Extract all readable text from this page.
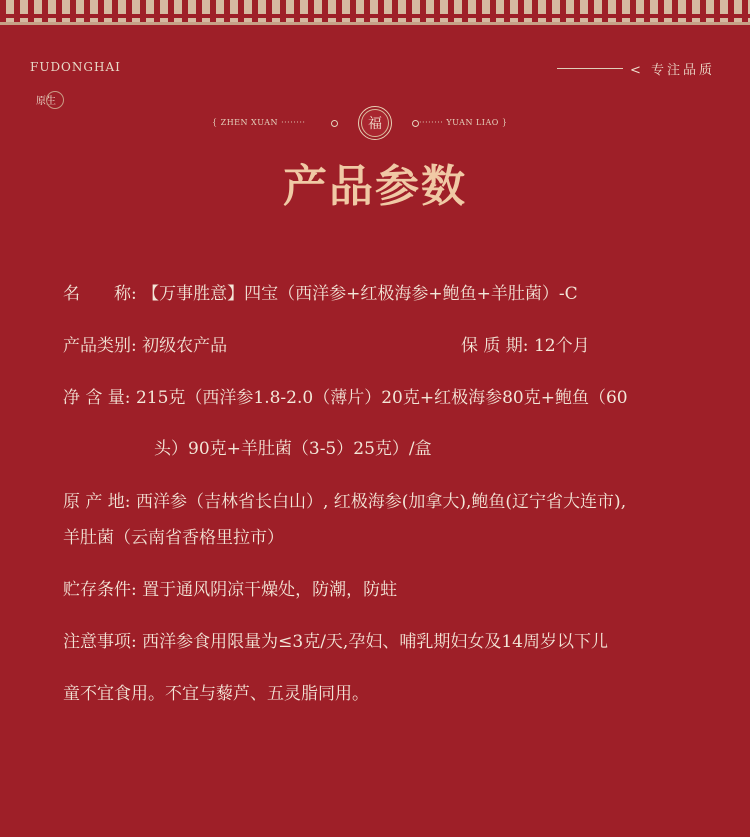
FUDONGHAI
原生
< 专注品质
{ ZHEN XUAN ········	福	········ YUAN LIAO }
产品参数
名　　称: 【万事胜意】四宝（西洋参+红极海参+鲍鱼+羊肚菌）-C
产品类别: 初级农产品	保 质 期: 12个月
净 含 量: 215克（西洋参1.8-2.0（薄片）20克+红极海参80克+鲍鱼（60
头）90克+羊肚菌（3-5）25克）/盒
原 产 地: 西洋参（吉林省长白山）, 红极海参(加拿大),鲍鱼(辽宁省大连市),
羊肚菌（云南省香格里拉市）
贮存条件: 置于通风阴凉干燥处，防潮，防蛀
注意事项: 西洋参食用限量为≤3克/天,孕妇、哺乳期妇女及14周岁以下儿
童不宜食用。不宜与藜芦、五灵脂同用。
